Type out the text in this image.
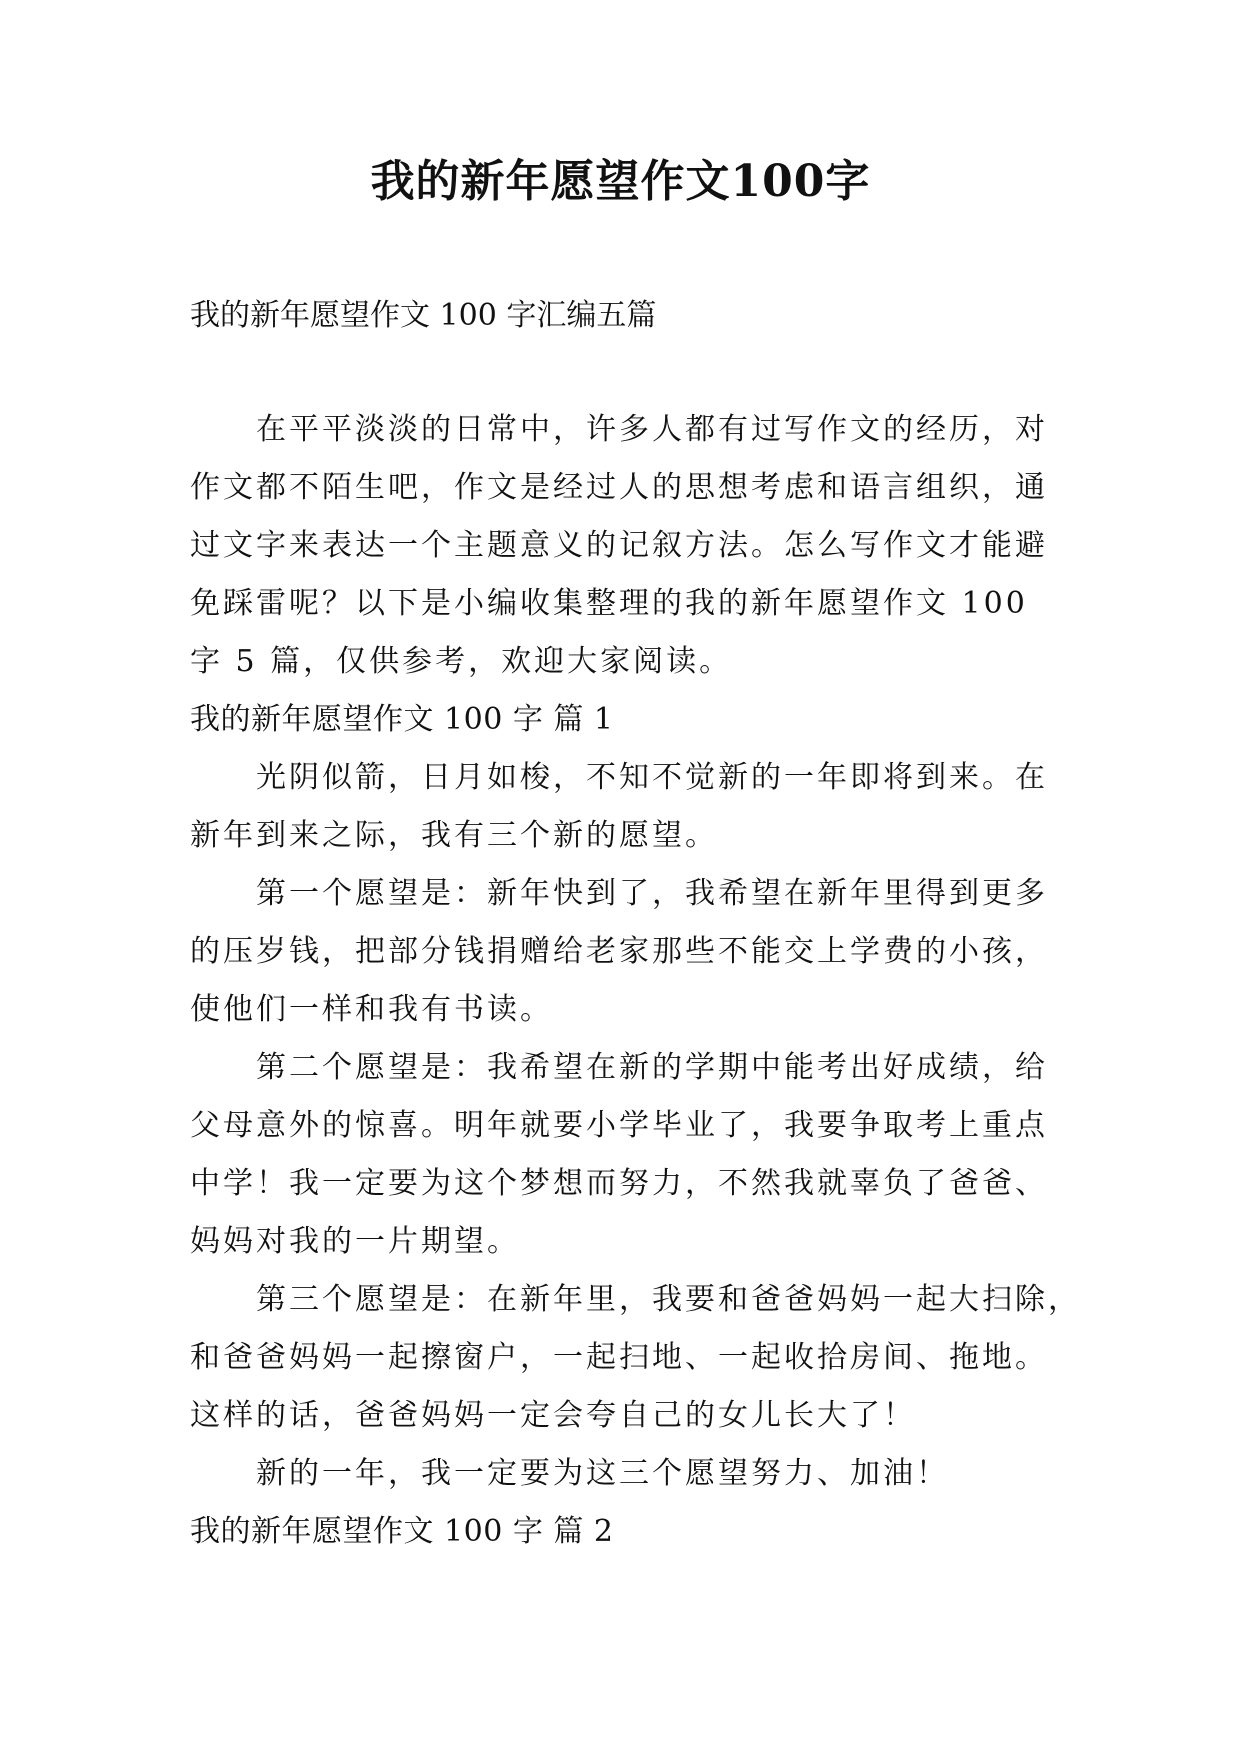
我的新年愿望作文100字
我的新年愿望作文 100 字汇编五篇
在平平淡淡的日常中，许多人都有过写作文的经历，对
作文都不陌生吧，作文是经过人的思想考虑和语言组织，通
过文字来表达一个主题意义的记叙方法。怎么写作文才能避
免踩雷呢？以下是小编收集整理的我的新年愿望作文 100
字 5 篇，仅供参考，欢迎大家阅读。
我的新年愿望作文 100 字 篇 1
光阴似箭，日月如梭，不知不觉新的一年即将到来。在
新年到来之际，我有三个新的愿望。
第一个愿望是：新年快到了，我希望在新年里得到更多
的压岁钱，把部分钱捐赠给老家那些不能交上学费的小孩，
使他们一样和我有书读。
第二个愿望是：我希望在新的学期中能考出好成绩，给
父母意外的惊喜。明年就要小学毕业了，我要争取考上重点
中学！我一定要为这个梦想而努力，不然我就辜负了爸爸、
妈妈对我的一片期望。
第三个愿望是：在新年里，我要和爸爸妈妈一起大扫除，
和爸爸妈妈一起擦窗户，一起扫地、一起收拾房间、拖地。
这样的话，爸爸妈妈一定会夸自己的女儿长大了！
新的一年，我一定要为这三个愿望努力、加油！
我的新年愿望作文 100 字 篇 2
